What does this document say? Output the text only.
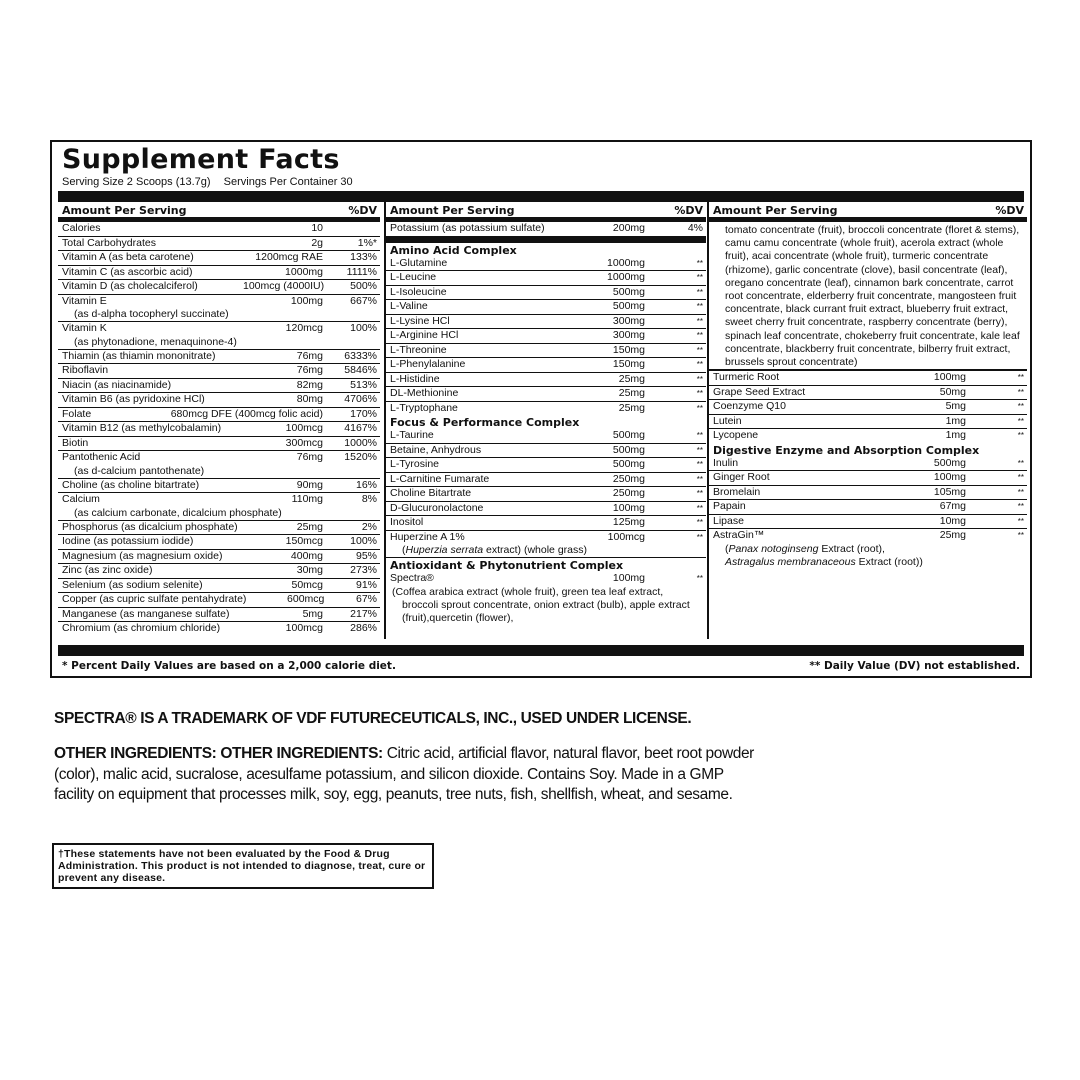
Supplement Facts
Serving Size 2 Scoops (13.7g) Servings Per Container 30
Amount Per Serving	%DV
Calories	10
Total Carbohydrates	2g	1%*
Vitamin A (as beta carotene)	1200mcg RAE	133%
Vitamin C (as ascorbic acid)	1000mg	1111%
Vitamin D (as cholecalciferol)	100mcg (4000IU)	500%
Vitamin E	100mg	667%
(as d-alpha tocopheryl succinate)
Vitamin K	120mcg	100%
(as phytonadione, menaquinone-4)
Thiamin (as thiamin mononitrate)	76mg	6333%
Riboflavin	76mg	5846%
Niacin (as niacinamide)	82mg	513%
Vitamin B6 (as pyridoxine HCl)	80mg	4706%
Folate	680mcg DFE (400mcg folic acid)	170%
Vitamin B12 (as methylcobalamin)	100mcg	4167%
Biotin	300mcg	1000%
Pantothenic Acid	76mg	1520%
(as d-calcium pantothenate)
Choline (as choline bitartrate)	90mg	16%
Calcium	110mg	8%
(as calcium carbonate, dicalcium phosphate)
Phosphorus (as dicalcium phosphate)	25mg	2%
Iodine (as potassium iodide)	150mcg	100%
Magnesium (as magnesium oxide)	400mg	95%
Zinc (as zinc oxide)	30mg	273%
Selenium (as sodium selenite)	50mcg	91%
Copper (as cupric sulfate pentahydrate)	600mcg	67%
Manganese (as manganese sulfate)	5mg	217%
Chromium (as chromium chloride)	100mcg	286%
Amount Per Serving	%DV
Potassium (as potassium sulfate)	200mg	4%
Amino Acid Complex
L-Glutamine	1000mg	**
L-Leucine	1000mg	**
L-Isoleucine	500mg	**
L-Valine	500mg	**
L-Lysine HCl	300mg	**
L-Arginine HCl	300mg	**
L-Threonine	150mg	**
L-Phenylalanine	150mg	**
L-Histidine	25mg	**
DL-Methionine	25mg	**
L-Tryptophane	25mg	**
Focus & Performance Complex
L-Taurine	500mg	**
Betaine, Anhydrous	500mg	**
L-Tyrosine	500mg	**
L-Carnitine Fumarate	250mg	**
Choline Bitartrate	250mg	**
D-Glucuronolactone	100mg	**
Inositol	125mg	**
Huperzine A 1%	100mcg	**
(Huperzia serrata extract) (whole grass)
Antioxidant & Phytonutrient Complex
Spectra®	100mg	**
(Coffea arabica extract (whole fruit), green tea leaf extract, broccoli sprout concentrate, onion extract (bulb), apple extract (fruit),quercetin (flower),
Amount Per Serving	%DV
tomato concentrate (fruit), broccoli concentrate (floret & stems), camu camu concentrate (whole fruit), acerola extract (whole fruit), acai concentrate (whole fruit), turmeric concentrate (rhizome), garlic concentrate (clove), basil concentrate (leaf), oregano concentrate (leaf), cinnamon bark concentrate, carrot root concentrate, elderberry fruit concentrate, mangosteen fruit concentrate, black currant fruit extract, blueberry fruit extract, sweet cherry fruit concentrate, raspberry concentrate (berry), spinach leaf concentrate, chokeberry fruit concentrate, kale leaf concentrate, blackberry fruit concentrate, bilberry fruit extract, brussels sprout concentrate)
Turmeric Root	100mg	**
Grape Seed Extract	50mg	**
Coenzyme Q10	5mg	**
Lutein	1mg	**
Lycopene	1mg	**
Digestive Enzyme and Absorption Complex
Inulin	500mg	**
Ginger Root	100mg	**
Bromelain	105mg	**
Papain	67mg	**
Lipase	10mg	**
AstraGin™	25mg	**
(Panax notoginseng Extract (root),
Astragalus membranaceous Extract (root))
* Percent Daily Values are based on a 2,000 calorie diet.	** Daily Value (DV) not established.
SPECTRA® IS A TRADEMARK OF VDF FUTURECEUTICALS, INC., USED UNDER LICENSE.
OTHER INGREDIENTS: OTHER INGREDIENTS: Citric acid, artificial flavor, natural flavor, beet root powder (color), malic acid, sucralose, acesulfame potassium, and silicon dioxide. Contains Soy. Made in a GMP facility on equipment that processes milk, soy, egg, peanuts, tree nuts, fish, shellfish, wheat, and sesame.
†These statements have not been evaluated by the Food & Drug Administration. This product is not intended to diagnose, treat, cure or prevent any disease.
